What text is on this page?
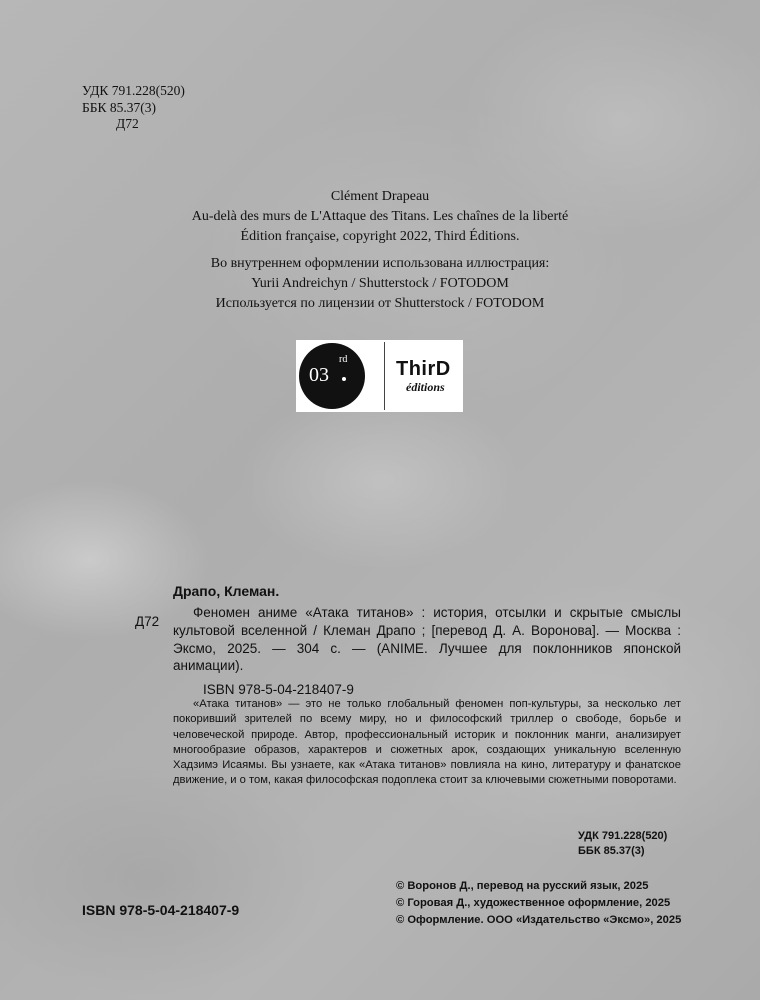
УДК 791.228(520)
ББК 85.37(3)
Д72
Clément Drapeau
Au-delà des murs de L'Attaque des Titans. Les chaînes de la liberté
Édition française, copyright 2022, Third Éditions.
Во внутреннем оформлении использована иллюстрация:
Yurii Andreichyn / Shutterstock / FOTODOM
Используется по лицензии от Shutterstock / FOTODOM
03
rd ThirD
éditions
Драпо, Клеман.
Д72
Феномен аниме «Атака титанов» : история, отсылки и скрытые смыслы культовой вселенной / Клеман Драпо ; [перевод Д. А. Воронова]. — Москва : Эксмо, 2025. — 304 с. — (ANIME. Лучшее для поклонников японской анимации).
ISBN 978-5-04-218407-9
«Атака титанов» — это не только глобальный феномен поп-культуры, за несколько лет покоривший зрителей по всему миру, но и философский триллер о свободе, борьбе и человеческой природе. Автор, профессиональный историк и поклонник манги, анализирует многообразие образов, характеров и сюжетных арок, создающих уникальную вселенную Хадзимэ Исаямы. Вы узнаете, как «Атака титанов» повлияла на кино, литературу и фанатское движение, и о том, какая философская подоплека стоит за ключевыми сюжетными поворотами.
УДК 791.228(520)
ББК 85.37(3)
ISBN 978-5-04-218407-9
© Воронов Д., перевод на русский язык, 2025
© Горовая Д., художественное оформление, 2025
© Оформление. ООО «Издательство «Эксмо», 2025
